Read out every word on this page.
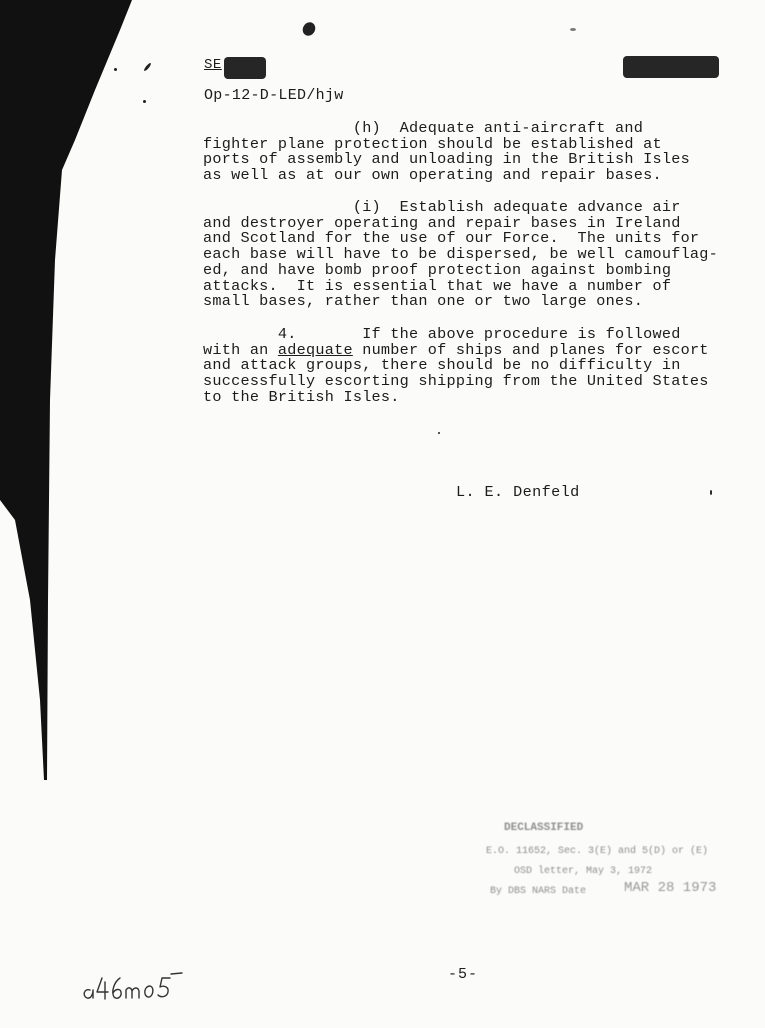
SE
Op-12-D-LED/hjw
(h)  Adequate anti-aircraft and
fighter plane protection should be established at
ports of assembly and unloading in the British Isles
as well as at our own operating and repair bases.
(i)  Establish adequate advance air
and destroyer operating and repair bases in Ireland
and Scotland for the use of our Force.  The units for
each base will have to be dispersed, be well camouflag-
ed, and have bomb proof protection against bombing
attacks.  It is essential that we have a number of
small bases, rather than one or two large ones.
4.       If the above procedure is followed
with an adequate number of ships and planes for escort
and attack groups, there should be no difficulty in
successfully escorting shipping from the United States
to the British Isles.
L. E. Denfeld
DECLASSIFIED
E.O. 11652, Sec. 3(E) and 5(D) or (E)
OSD letter, May 3, 1972
By DBS NARS Date	MAR 28 1973
-5-
